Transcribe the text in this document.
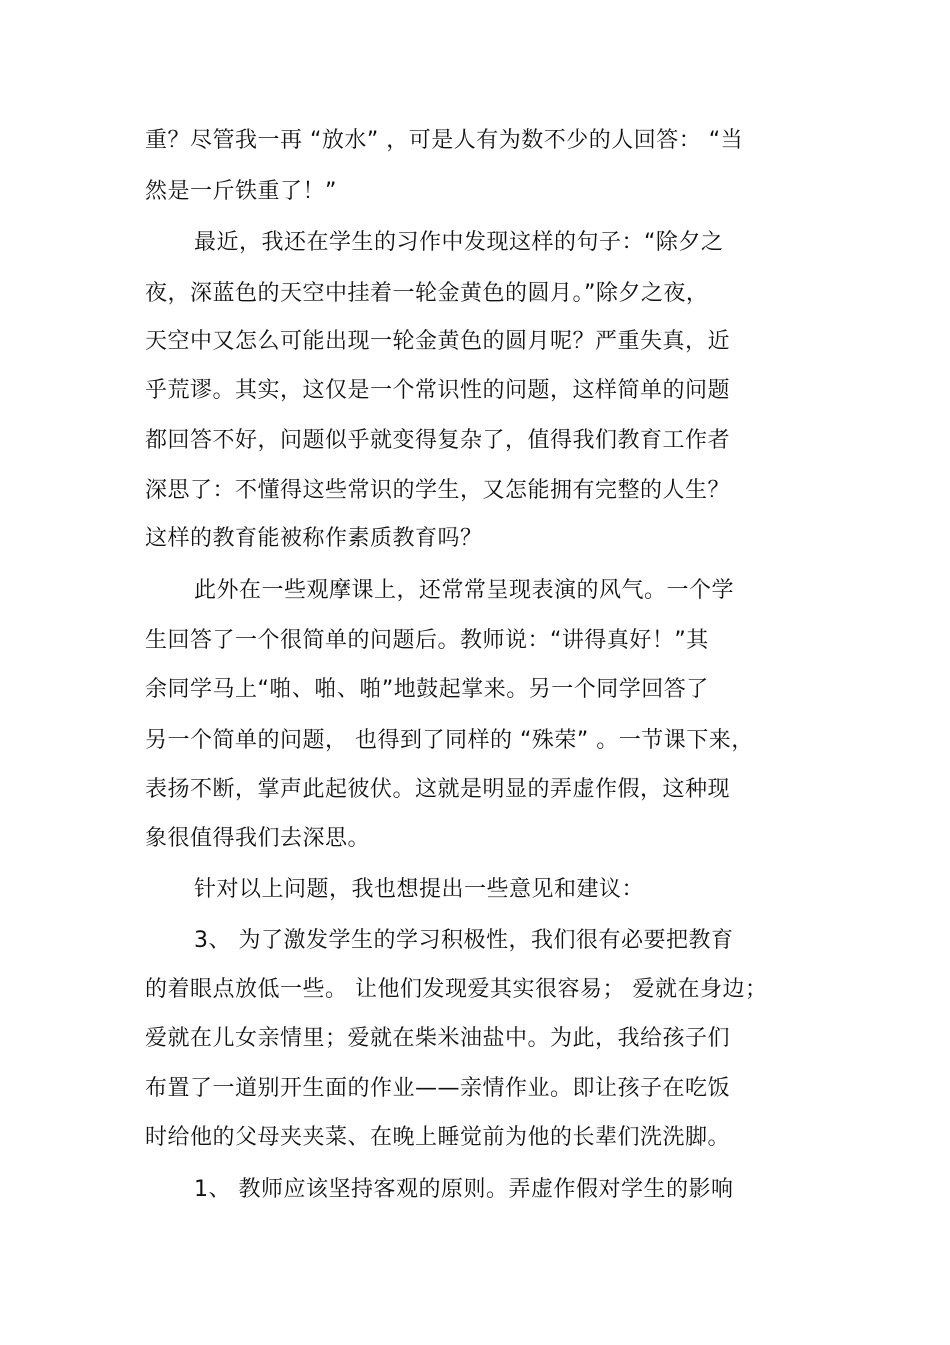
重？尽管我一再 “放水” ，可是人有为数不少的人回答： “当
然是一斤铁重了！”
最近，我还在学生的习作中发现这样的句子：“除夕之
夜，深蓝色的天空中挂着一轮金黄色的圆月。”除夕之夜，
天空中又怎么可能出现一轮金黄色的圆月呢？严重失真，近
乎荒谬。其实，这仅是一个常识性的问题，这样简单的问题
都回答不好，问题似乎就变得复杂了，值得我们教育工作者
深思了：不懂得这些常识的学生，又怎能拥有完整的人生？
这样的教育能被称作素质教育吗？
此外在一些观摩课上，还常常呈现表演的风气。一个学
生回答了一个很简单的问题后。教师说：“讲得真好！”其
余同学马上“啪、啪、啪”地鼓起掌来。另一个同学回答了
另一个简单的问题， 也得到了同样的 “殊荣” 。一节课下来，
表扬不断，掌声此起彼伏。这就是明显的弄虚作假，这种现
象很值得我们去深思。
针对以上问题，我也想提出一些意见和建议：
3、 为了激发学生的学习积极性，我们很有必要把教育
的着眼点放低一些。 让他们发现爱其实很容易； 爱就在身边；
爱就在儿女亲情里；爱就在柴米油盐中。为此，我给孩子们
布置了一道别开生面的作业——亲情作业。即让孩子在吃饭
时给他的父母夹夹菜、在晚上睡觉前为他的长辈们洗洗脚。
1、 教师应该坚持客观的原则。弄虚作假对学生的影响
